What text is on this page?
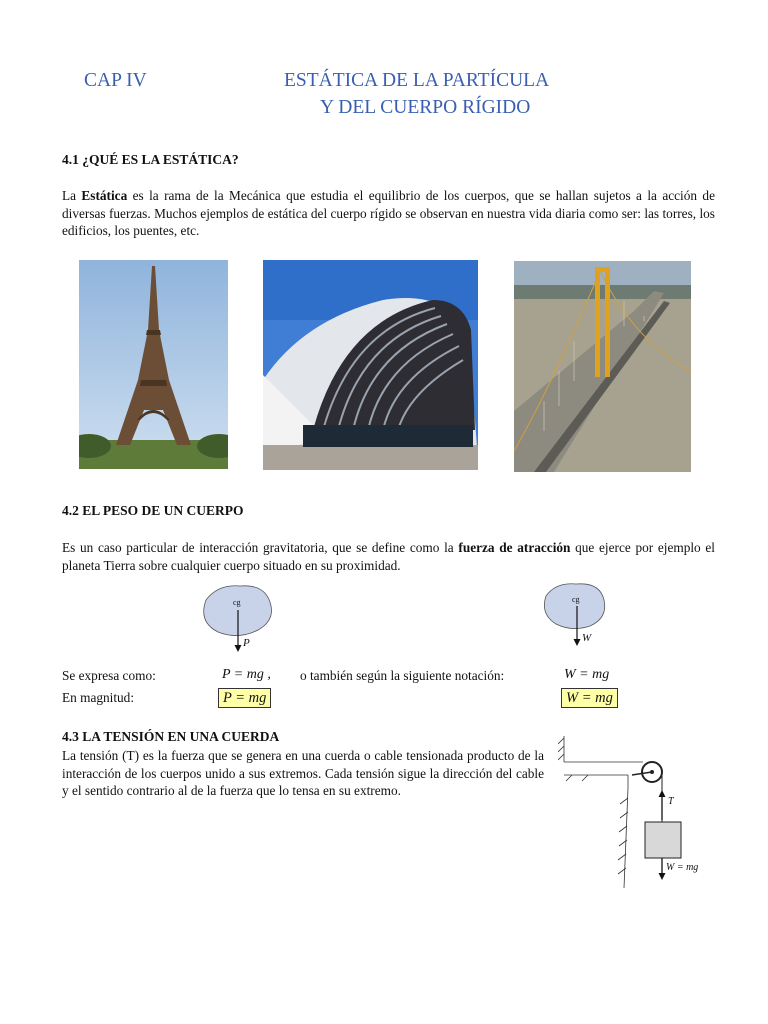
CAP IV	ESTÁTICA DE LA PARTÍCULA
Y DEL CUERPO RÍGIDO
4.1 ¿QUÉ ES LA ESTÁTICA?
La Estática es la rama de la Mecánica que estudia el equilibrio de los cuerpos, que se hallan sujetos a la acción de diversas fuerzas. Muchos ejemplos de estática del cuerpo rígido se observan en nuestra vida diaria como ser: las torres, los edificios, los puentes, etc.
4.2 EL PESO DE UN CUERPO
Es un caso particular de interacción gravitatoria, que se define como la fuerza de atracción que ejerce por ejemplo el planeta Tierra sobre cualquier cuerpo situado en su proximidad.
cg
P
cg
W
Se expresa como:	P = mg , o también según la siguiente notación:	W = mg
En magnitud:	P = mg	W = mg
4.3 LA TENSIÓN EN UNA CUERDA
La tensión (T) es la fuerza que se genera en una cuerda o cable tensionada producto de la interacción de los cuerpos unido a sus extremos. Cada tensión sigue la dirección del cable y el sentido contrario al de la fuerza que lo tensa en su extremo.
T
W = mg
